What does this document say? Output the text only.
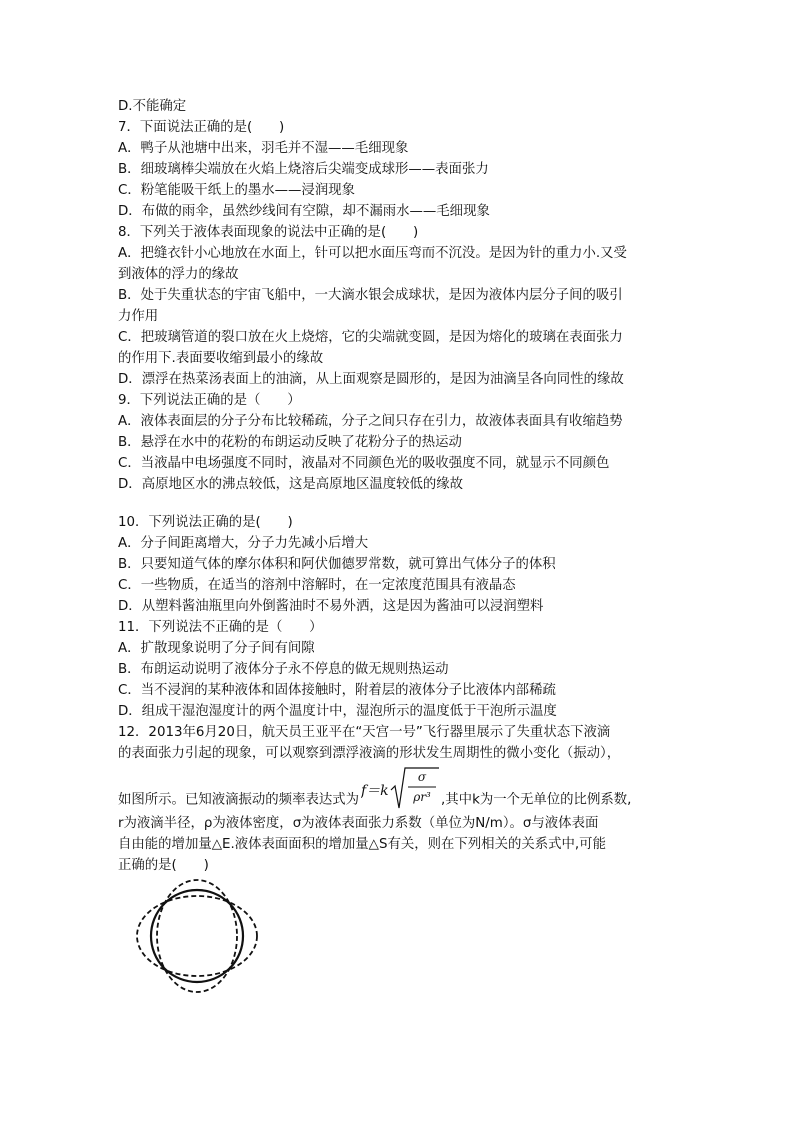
D.不能确定
7．下面说法正确的是(　　)
A．鸭子从池塘中出来，羽毛并不湿——毛细现象
B．细玻璃棒尖端放在火焰上烧溶后尖端变成球形——表面张力
C．粉笔能吸干纸上的墨水——浸润现象
D．布做的雨伞，虽然纱线间有空隙，却不漏雨水——毛细现象
8．下列关于液体表面现象的说法中正确的是(　　)
A．把缝衣针小心地放在水面上，针可以把水面压弯而不沉没。是因为针的重力小.又受
到液体的浮力的缘故
B．处于失重状态的宇宙飞船中，一大滴水银会成球状，是因为液体内层分子间的吸引
力作用
C．把玻璃管道的裂口放在火上烧熔，它的尖端就变圆，是因为熔化的玻璃在表面张力
的作用下.表面要收缩到最小的缘故
D．漂浮在热菜汤表面上的油滴，从上面观察是圆形的，是因为油滴呈各向同性的缘故
9．下列说法正确的是（　　）
A．液体表面层的分子分布比较稀疏，分子之间只存在引力，故液体表面具有收缩趋势
B．悬浮在水中的花粉的布朗运动反映了花粉分子的热运动
C．当液晶中电场强度不同时，液晶对不同颜色光的吸收强度不同，就显示不同颜色
D．高原地区水的沸点较低，这是高原地区温度较低的缘故
10．下列说法正确的是(　　)
A．分子间距离增大，分子力先减小后增大
B．只要知道气体的摩尔体积和阿伏伽德罗常数，就可算出气体分子的体积
C．一些物质，在适当的溶剂中溶解时，在一定浓度范围具有液晶态
D．从塑料酱油瓶里向外倒酱油时不易外洒，这是因为酱油可以浸润塑料
11．下列说法不正确的是（　　）
A．扩散现象说明了分子间有间隙
B．布朗运动说明了液体分子永不停息的做无规则热运动
C．当不浸润的某种液体和固体接触时，附着层的液体分子比液体内部稀疏
D．组成干湿泡湿度计的两个温度计中，湿泡所示的温度低于干泡所示温度
12．2013年6月20日，航天员王亚平在“天宫一号”飞行器里展示了失重状态下液滴
的表面张力引起的现象，可以观察到漂浮液滴的形状发生周期性的微小变化（振动），
如图所示。已知液滴振动的频率表达式为
f＝k
σ
ρr³ ,其中k为一个无单位的比例系数,
r为液滴半径，ρ为液体密度，σ为液体表面张力系数（单位为N/m）。σ与液体表面
自由能的增加量△E.液体表面面积的增加量△S有关，则在下列相关的关系式中,可能
正确的是(　　)
